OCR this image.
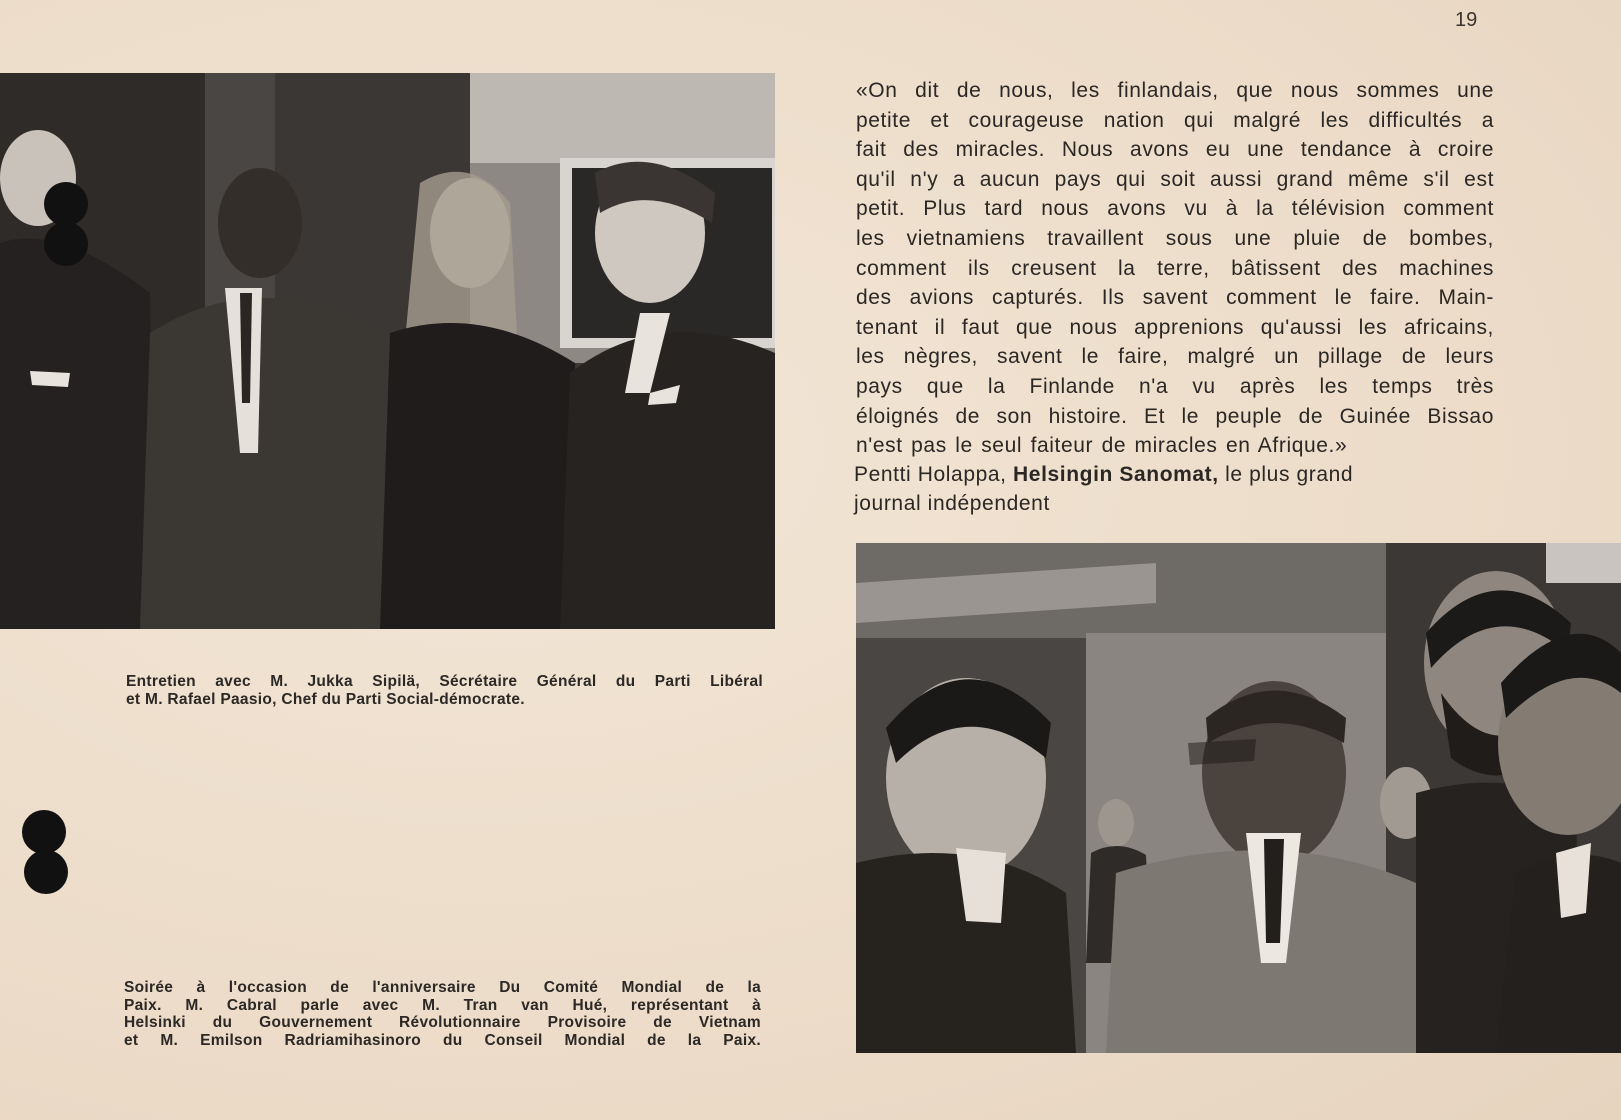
19
«On dit de nous, les finlandais, que nous sommes une
petite et courageuse nation qui malgré les difficultés a
fait des miracles. Nous avons eu une tendance à croire
qu'il n'y a aucun pays qui soit aussi grand même s'il est
petit. Plus tard nous avons vu à la télévision comment
les vietnamiens travaillent sous une pluie de bombes,
comment ils creusent la terre, bâtissent des machines
des avions capturés. Ils savent comment le faire. Main-
tenant il faut que nous apprenions qu'aussi les africains,
les nègres, savent le faire, malgré un pillage de leurs
pays que la Finlande n'a vu après les temps très
éloignés de son histoire. Et le peuple de Guinée Bissao
n'est pas le seul faiteur de miracles en Afrique.»
Pentti Holappa, Helsingin Sanomat, le plus grand
journal indépendent
Entretien avec M. Jukka Sipilä, Sécrétaire Général du Parti Libéral
et M. Rafael Paasio, Chef du Parti Social-démocrate.
Soirée à l'occasion de l'anniversaire Du Comité Mondial de la
Paix. M. Cabral parle avec M. Tran van Hué, représentant à
Helsinki du Gouvernement Révolutionnaire Provisoire de Vietnam
et M. Emilson Radriamihasinoro du Conseil Mondial de la Paix.
